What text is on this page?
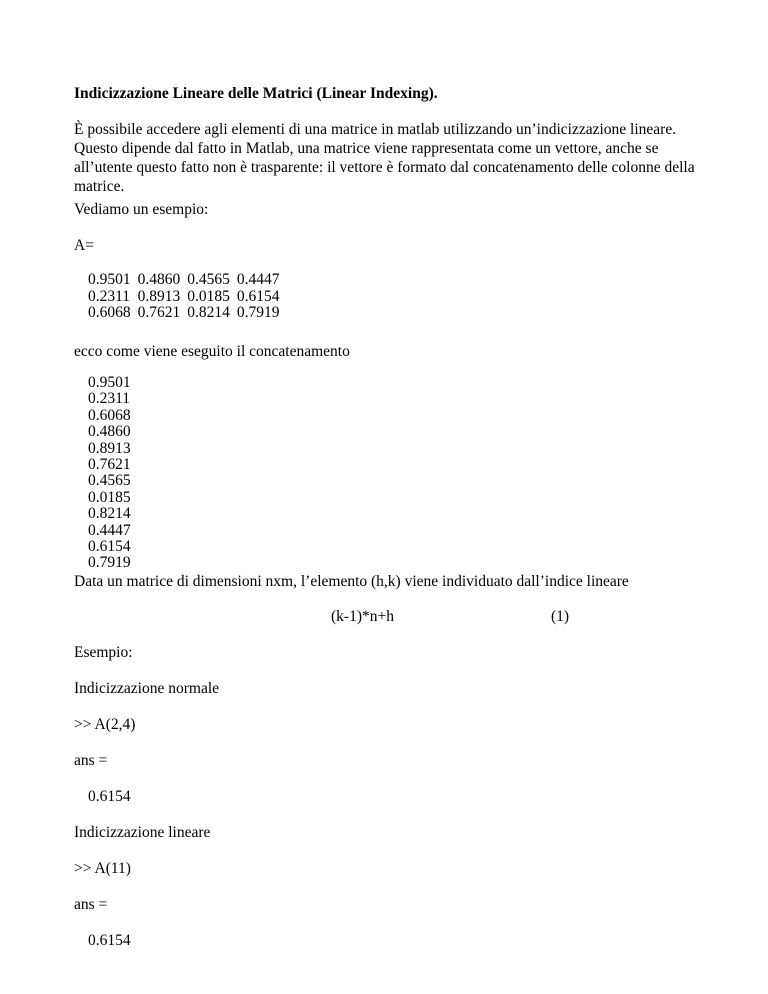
Indicizzazione Lineare delle Matrici (Linear Indexing).

È possibile accedere agli elementi di una matrice in matlab utilizzando un’indicizzazione lineare.
Questo dipende dal fatto in Matlab, una matrice viene rappresentata come un vettore, anche se
all’utente questo fatto non è trasparente: il vettore è formato dal concatenamento delle colonne della
matrice.

Vediamo un esempio:

A=

0.9501	0.4860	0.4565	0.4447
0.2311	0.8913	0.0185	0.6154
0.6068	0.7621	0.8214	0.7919

ecco come viene eseguito il concatenamento

0.9501
0.2311
0.6068
0.4860
0.8913
0.7621
0.4565
0.0185
0.8214
0.4447
0.6154
0.7919

Data un matrice di dimensioni nxm, l’elemento (h,k) viene individuato dall’indice lineare

(k-1)*n+h	(1)

Esempio:

Indicizzazione normale

>> A(2,4)

ans =

0.6154

Indicizzazione lineare

>> A(11)

ans =

0.6154
